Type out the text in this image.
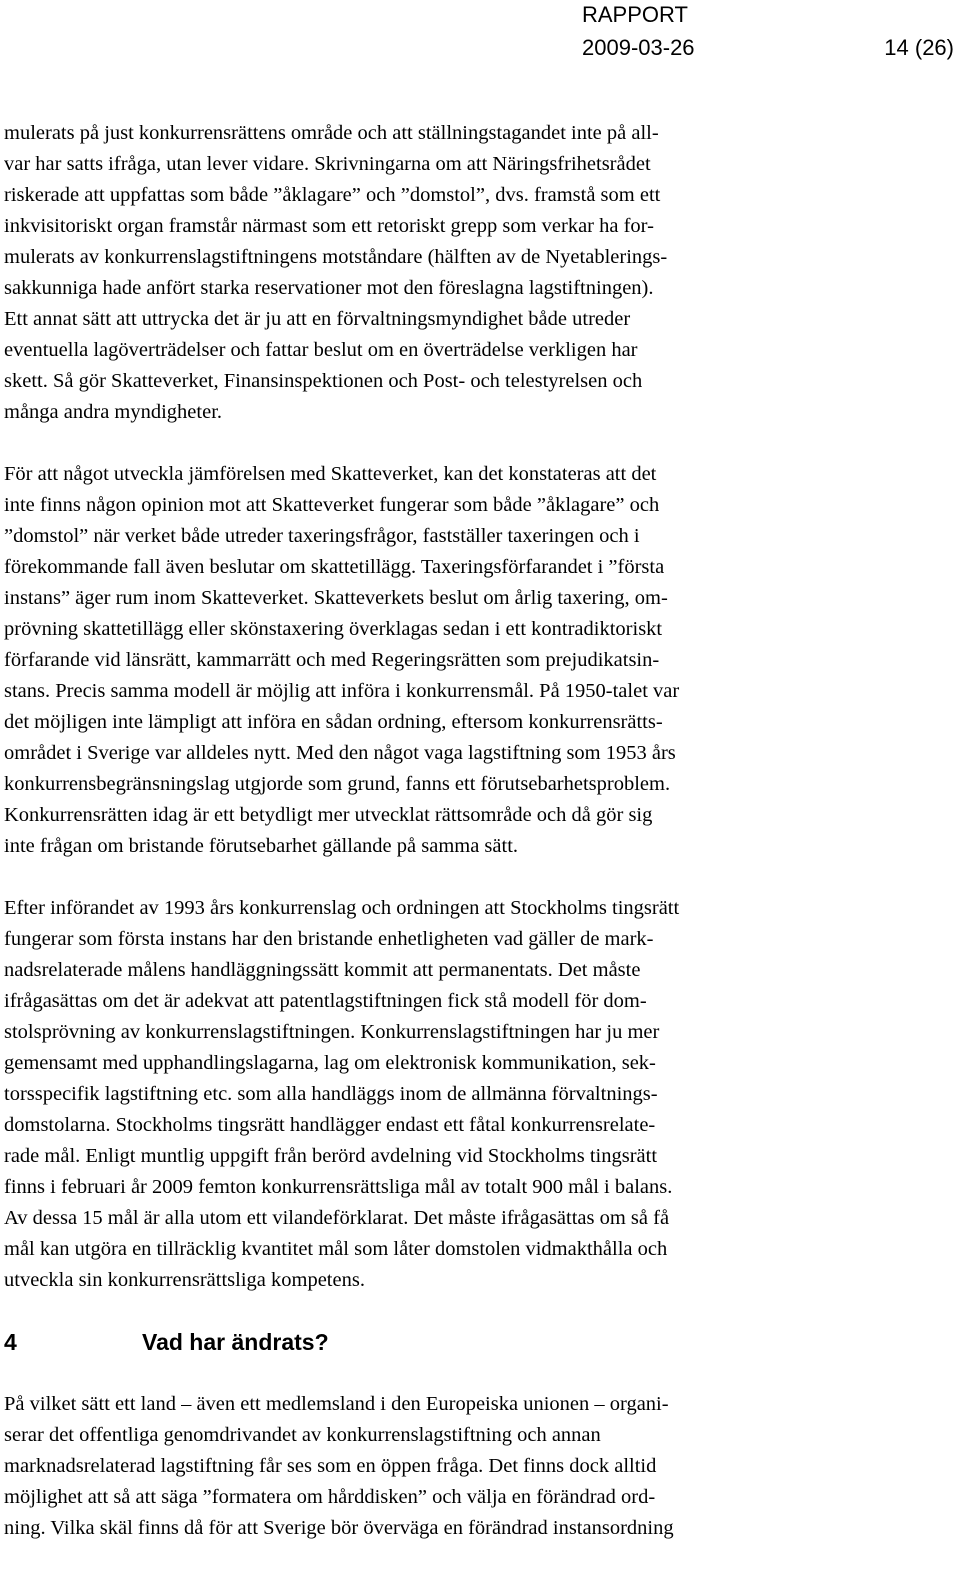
RAPPORT
2009-03-26	14 (26)

mulerats på just konkurrensrättens område och att ställningstagandet inte på all-
var har satts ifråga, utan lever vidare. Skrivningarna om att Näringsfrihetsrådet
riskerade att uppfattas som både ”åklagare” och ”domstol”, dvs. framstå som ett
inkvisitoriskt organ framstår närmast som ett retoriskt grepp som verkar ha for-
mulerats av konkurrenslagstiftningens motståndare (hälften av de Nyetablerings-
sakkunniga hade anfört starka reservationer mot den föreslagna lagstiftningen).
Ett annat sätt att uttrycka det är ju att en förvaltningsmyndighet både utreder
eventuella lagöverträdelser och fattar beslut om en överträdelse verkligen har
skett. Så gör Skatteverket, Finansinspektionen och Post- och telestyrelsen och
många andra myndigheter.

För att något utveckla jämförelsen med Skatteverket, kan det konstateras att det
inte finns någon opinion mot att Skatteverket fungerar som både ”åklagare” och
”domstol” när verket både utreder taxeringsfrågor, fastställer taxeringen och i
förekommande fall även beslutar om skattetillägg. Taxeringsförfarandet i ”första
instans” äger rum inom Skatteverket. Skatteverkets beslut om årlig taxering, om-
prövning skattetillägg eller skönstaxering överklagas sedan i ett kontradiktoriskt
förfarande vid länsrätt, kammarrätt och med Regeringsrätten som prejudikatsin-
stans. Precis samma modell är möjlig att införa i konkurrensmål. På 1950-talet var
det möjligen inte lämpligt att införa en sådan ordning, eftersom konkurrensrätts-
området i Sverige var alldeles nytt. Med den något vaga lagstiftning som 1953 års
konkurrensbegränsningslag utgjorde som grund, fanns ett förutsebarhetsproblem.
Konkurrensrätten idag är ett betydligt mer utvecklat rättsområde och då gör sig
inte frågan om bristande förutsebarhet gällande på samma sätt.

Efter införandet av 1993 års konkurrenslag och ordningen att Stockholms tingsrätt
fungerar som första instans har den bristande enhetligheten vad gäller de mark-
nadsrelaterade målens handläggningssätt kommit att permanentats. Det måste
ifrågasättas om det är adekvat att patentlagstiftningen fick stå modell för dom-
stolsprövning av konkurrenslagstiftningen. Konkurrenslagstiftningen har ju mer
gemensamt med upphandlingslagarna, lag om elektronisk kommunikation, sek-
torsspecifik lagstiftning etc. som alla handläggs inom de allmänna förvaltnings-
domstolarna. Stockholms tingsrätt handlägger endast ett fåtal konkurrensrelate-
rade mål. Enligt muntlig uppgift från berörd avdelning vid Stockholms tingsrätt
finns i februari år 2009 femton konkurrensrättsliga mål av totalt 900 mål i balans.
Av dessa 15 mål är alla utom ett vilandeförklarat. Det måste ifrågasättas om så få
mål kan utgöra en tillräcklig kvantitet mål som låter domstolen vidmakthålla och
utveckla sin konkurrensrättsliga kompetens.

4	Vad har ändrats?

På vilket sätt ett land – även ett medlemsland i den Europeiska unionen – organi-
serar det offentliga genomdrivandet av konkurrenslagstiftning och annan
marknadsrelaterad lagstiftning får ses som en öppen fråga. Det finns dock alltid
möjlighet att så att säga ”formatera om hårddisken” och välja en förändrad ord-
ning. Vilka skäl finns då för att Sverige bör överväga en förändrad instansordning
